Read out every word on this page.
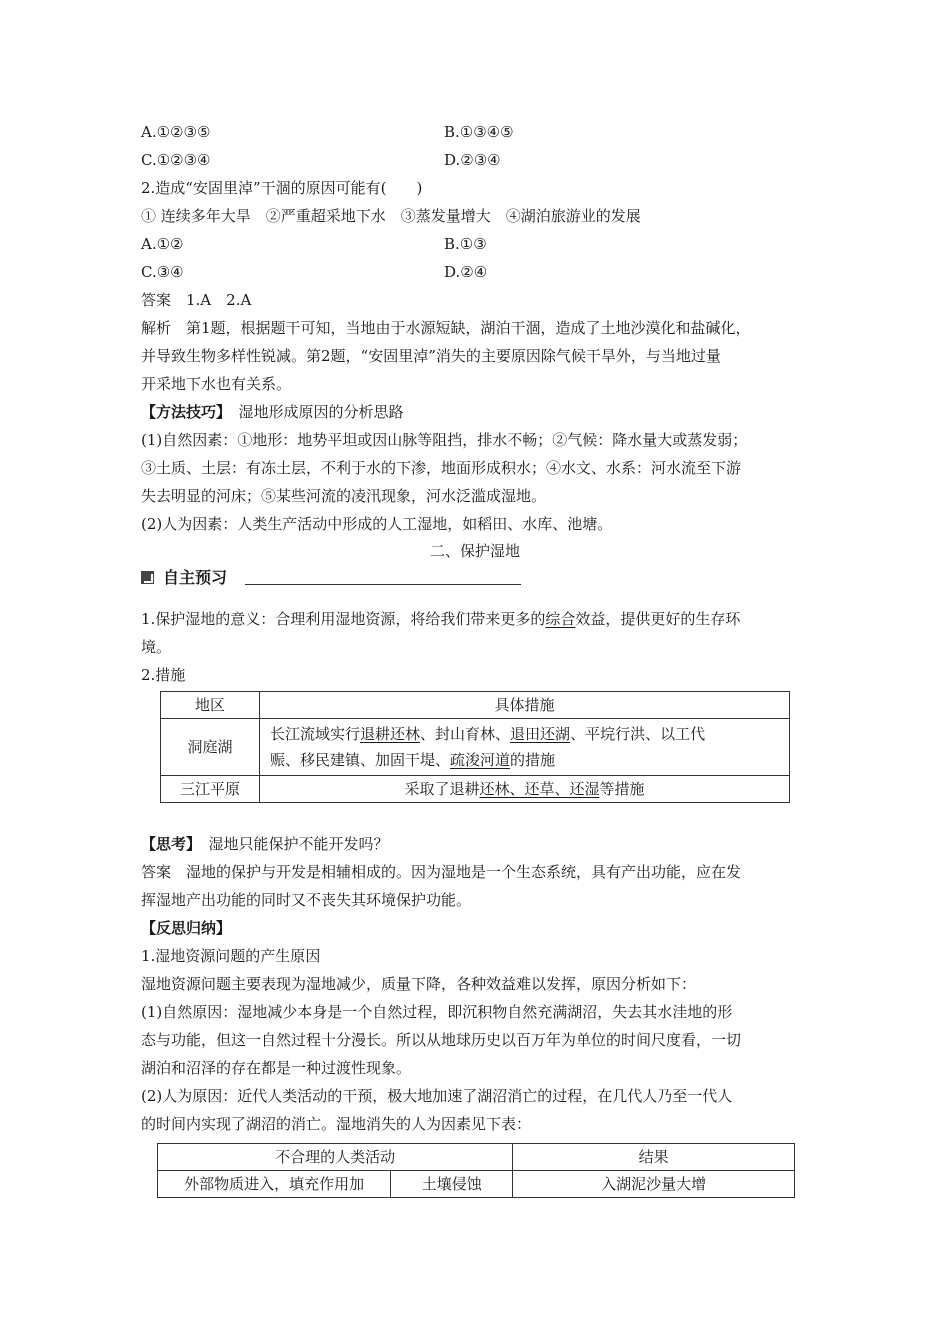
A.①②③⑤	B.①③④⑤
C.①②③④	D.②③④
2.造成“安固里淖”干涸的原因可能有(　　)
① 连续多年大旱　②严重超采地下水　③蒸发量增大　④湖泊旅游业的发展
A.①②	B.①③
C.③④	D.②④
答案　1.A　2.A
解析　第1题，根据题干可知，当地由于水源短缺，湖泊干涸，造成了土地沙漠化和盐碱化，
并导致生物多样性锐减。第2题，“安固里淖”消失的主要原因除气候干旱外，与当地过量
开采地下水也有关系。
【方法技巧】　湿地形成原因的分析思路
(1)自然因素：①地形：地势平坦或因山脉等阻挡，排水不畅；②气候：降水量大或蒸发弱；
③土质、土层：有冻土层，不利于水的下渗，地面形成积水；④水文、水系：河水流至下游
失去明显的河床；⑤某些河流的凌汛现象，河水泛滥成湿地。
(2)人为因素：人类生产活动中形成的人工湿地，如稻田、水库、池塘。
二、保护湿地
自主预习
1.保护湿地的意义：合理利用湿地资源，将给我们带来更多的综合效益，提供更好的生存环
境。
2.措施
地区	具体措施
洞庭湖	长江流域实行退耕还林、封山育林、退田还湖、平垸行洪、以工代
赈、移民建镇、加固干堤、疏浚河道的措施

三江平原	采取了退耕还林、还草、还湿等措施
【思考】　湿地只能保护不能开发吗？
答案　湿地的保护与开发是相辅相成的。因为湿地是一个生态系统，具有产出功能，应在发
挥湿地产出功能的同时又不丧失其环境保护功能。
【反思归纳】
1.湿地资源问题的产生原因
湿地资源问题主要表现为湿地减少，质量下降，各种效益难以发挥，原因分析如下：
(1)自然原因：湿地减少本身是一个自然过程，即沉积物自然充满湖沼，失去其水洼地的形
态与功能，但这一自然过程十分漫长。所以从地球历史以百万年为单位的时间尺度看，一切
湖泊和沼泽的存在都是一种过渡性现象。
(2)人为原因：近代人类活动的干预，极大地加速了湖沼消亡的过程，在几代人乃至一代人
的时间内实现了湖沼的消亡。湿地消失的人为因素见下表：
不合理的人类活动		结果
外部物质进入，填充作用加	土壤侵蚀	入湖泥沙量大增
